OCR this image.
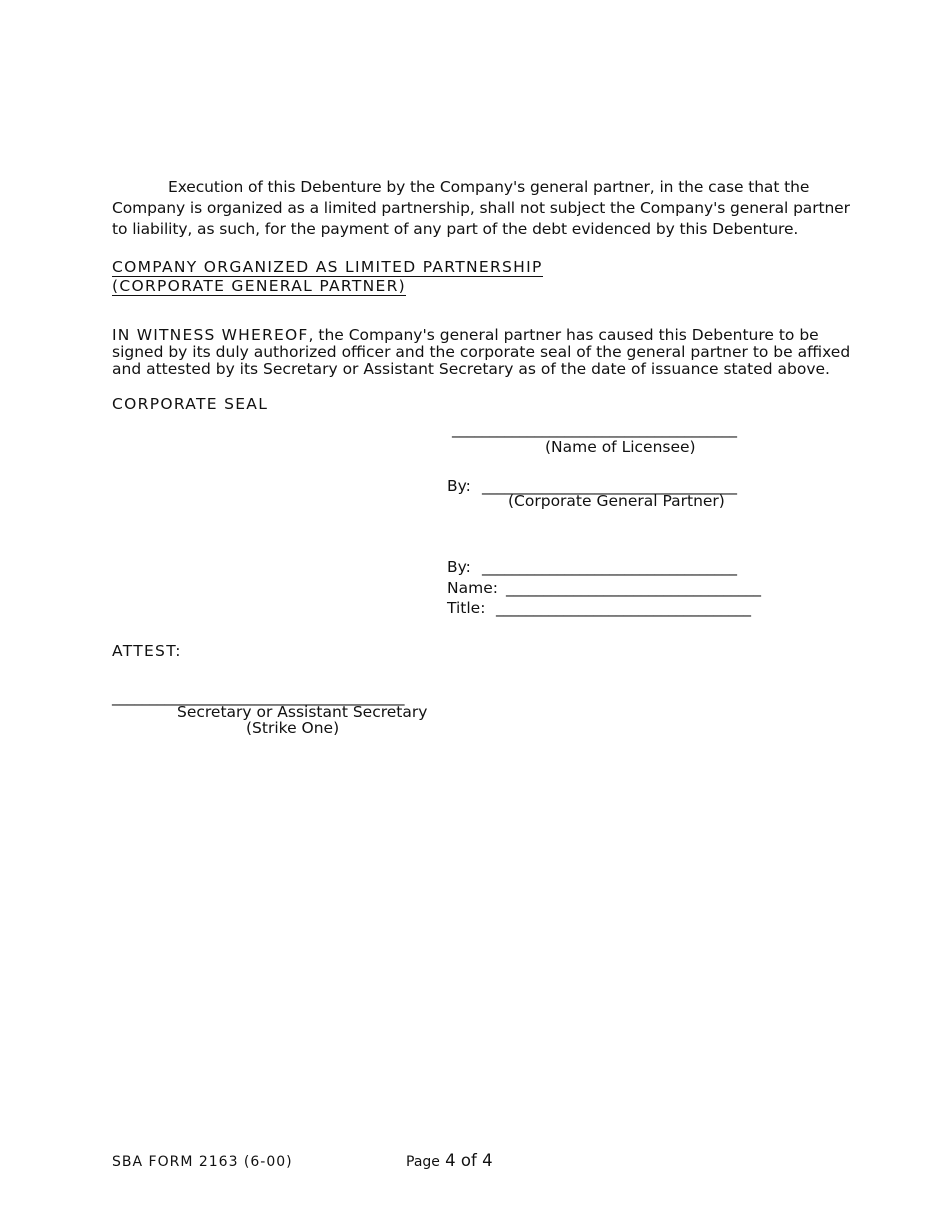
Execution of this Debenture by the Company's general partner, in the case that the
Company is organized as a limited partnership, shall not subject the Company's general partner
to liability, as such, for the payment of any part of the debt evidenced by this Debenture.
COMPANY ORGANIZED AS LIMITED PARTNERSHIP
(CORPORATE GENERAL PARTNER)
IN WITNESS WHEREOF, the Company's general partner has caused this Debenture to be
signed by its duly authorized officer and the corporate seal of the general partner to be affixed
and attested by its Secretary or Assistant Secretary as of the date of issuance stated above.
CORPORATE SEAL
______________________________________
(Name of Licensee)
By: __________________________________
(Corporate General Partner)
By: __________________________________
Name: __________________________________
Title: __________________________________
ATTEST:
_______________________________________
Secretary or Assistant Secretary
(Strike One)
SBA FORM 2163 (6-00)	Page 4 of 4
